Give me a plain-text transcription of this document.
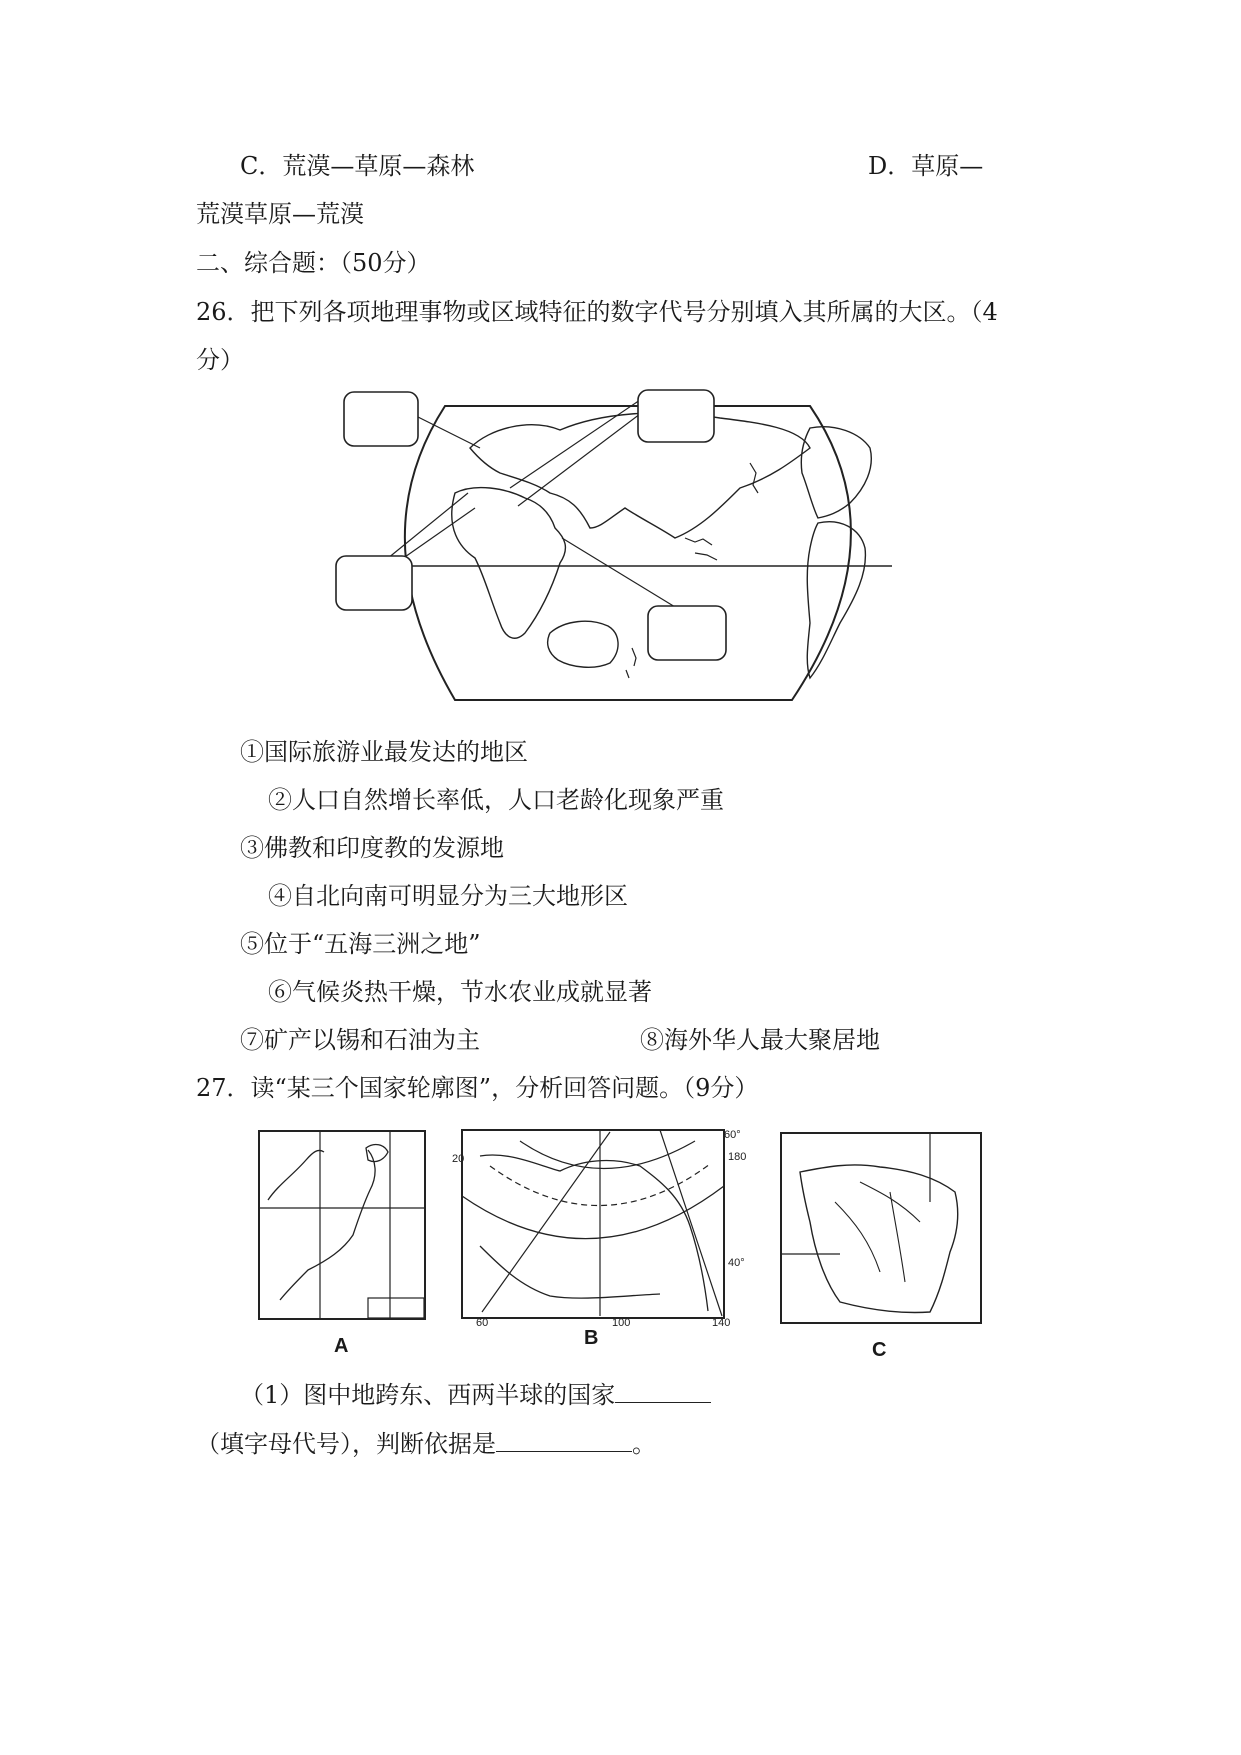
C．荒漠—草原—森林	D．草原—
荒漠草原—荒漠
二、综合题：（50分）
26．把下列各项地理事物或区域特征的数字代号分别填入其所属的大区。（4
分）
①国际旅游业最发达的地区
②人口自然增长率低，人口老龄化现象严重
③佛教和印度教的发源地
④自北向南可明显分为三大地形区
⑤位于“五海三洲之地”
⑥气候炎热干燥，节水农业成就显著
⑦矿产以锡和石油为主	⑧海外华人最大聚居地
27．读“某三个国家轮廓图”，分析回答问题。（9分）
A
20
60	100	140
60°
180
40°
B
C
（1）图中地跨东、西两半球的国家
（填字母代号），判断依据是	。
